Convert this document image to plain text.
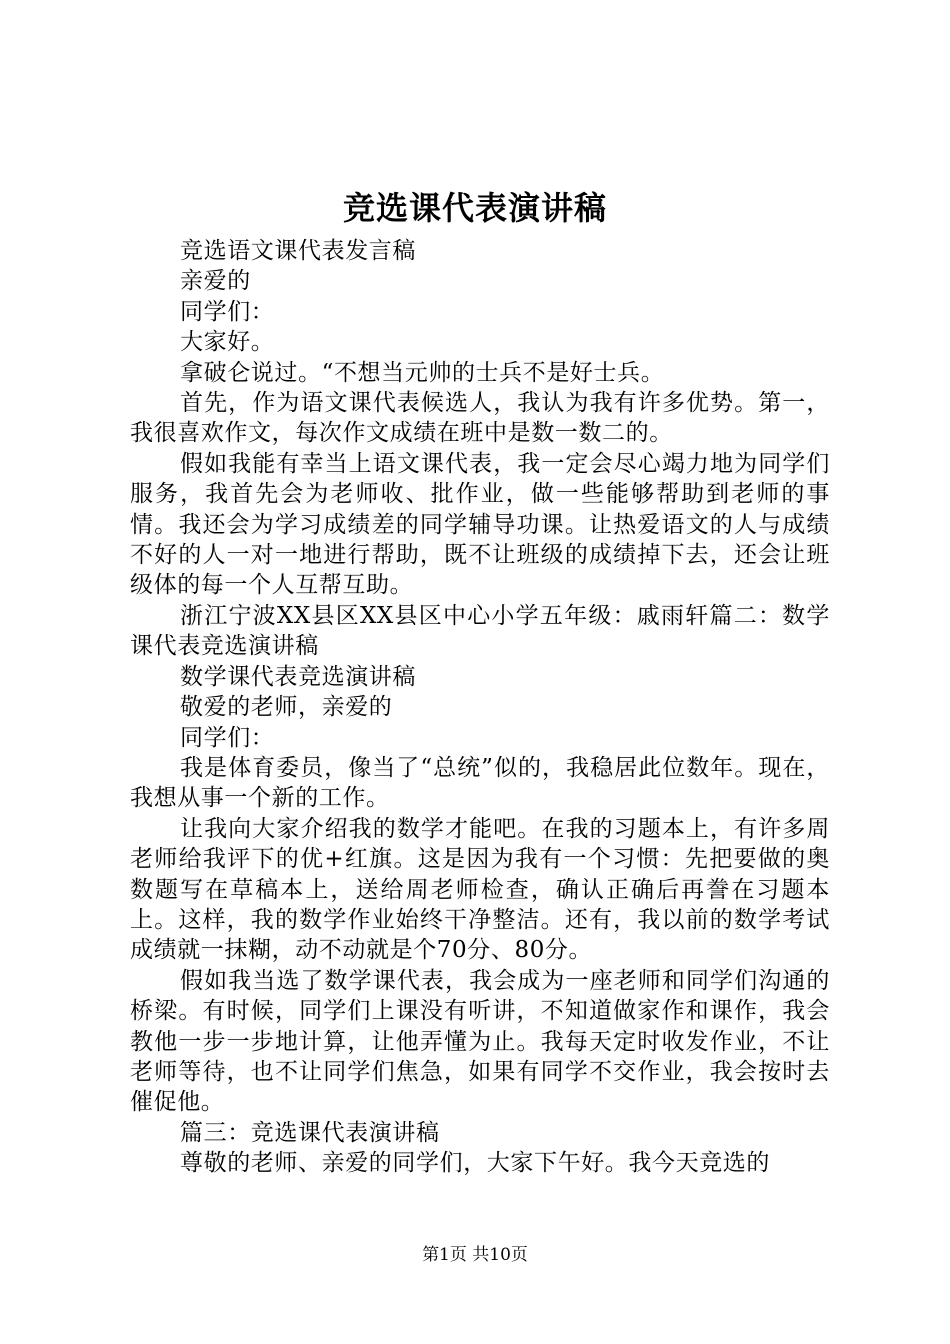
竞选课代表演讲稿

竞选语文课代表发言稿

亲爱的

同学们：

大家好。

拿破仑说过。“不想当元帅的士兵不是好士兵。

首先，作为语文课代表候选人，我认为我有许多优势。第一，我很喜欢作文，每次作文成绩在班中是数一数二的。

假如我能有幸当上语文课代表，我一定会尽心竭力地为同学们服务，我首先会为老师收、批作业，做一些能够帮助到老师的事情。我还会为学习成绩差的同学辅导功课。让热爱语文的人与成绩不好的人一对一地进行帮助，既不让班级的成绩掉下去，还会让班级体的每一个人互帮互助。

浙江宁波XX县区XX县区中心小学五年级：戚雨轩篇二：数学课代表竞选演讲稿

数学课代表竞选演讲稿

敬爱的老师，亲爱的

同学们：

我是体育委员，像当了“总统”似的，我稳居此位数年。现在，我想从事一个新的工作。

让我向大家介绍我的数学才能吧。在我的习题本上，有许多周老师给我评下的优+红旗。这是因为我有一个习惯：先把要做的奥数题写在草稿本上，送给周老师检查，确认正确后再誊在习题本上。这样，我的数学作业始终干净整洁。还有，我以前的数学考试成绩就一抹糊，动不动就是个70分、80分。

假如我当选了数学课代表，我会成为一座老师和同学们沟通的桥梁。有时候，同学们上课没有听讲，不知道做家作和课作，我会教他一步一步地计算，让他弄懂为止。我每天定时收发作业，不让老师等待，也不让同学们焦急，如果有同学不交作业，我会按时去催促他。

篇三：竞选课代表演讲稿

尊敬的老师、亲爱的同学们，大家下午好。我今天竞选的

第1页 共10页
